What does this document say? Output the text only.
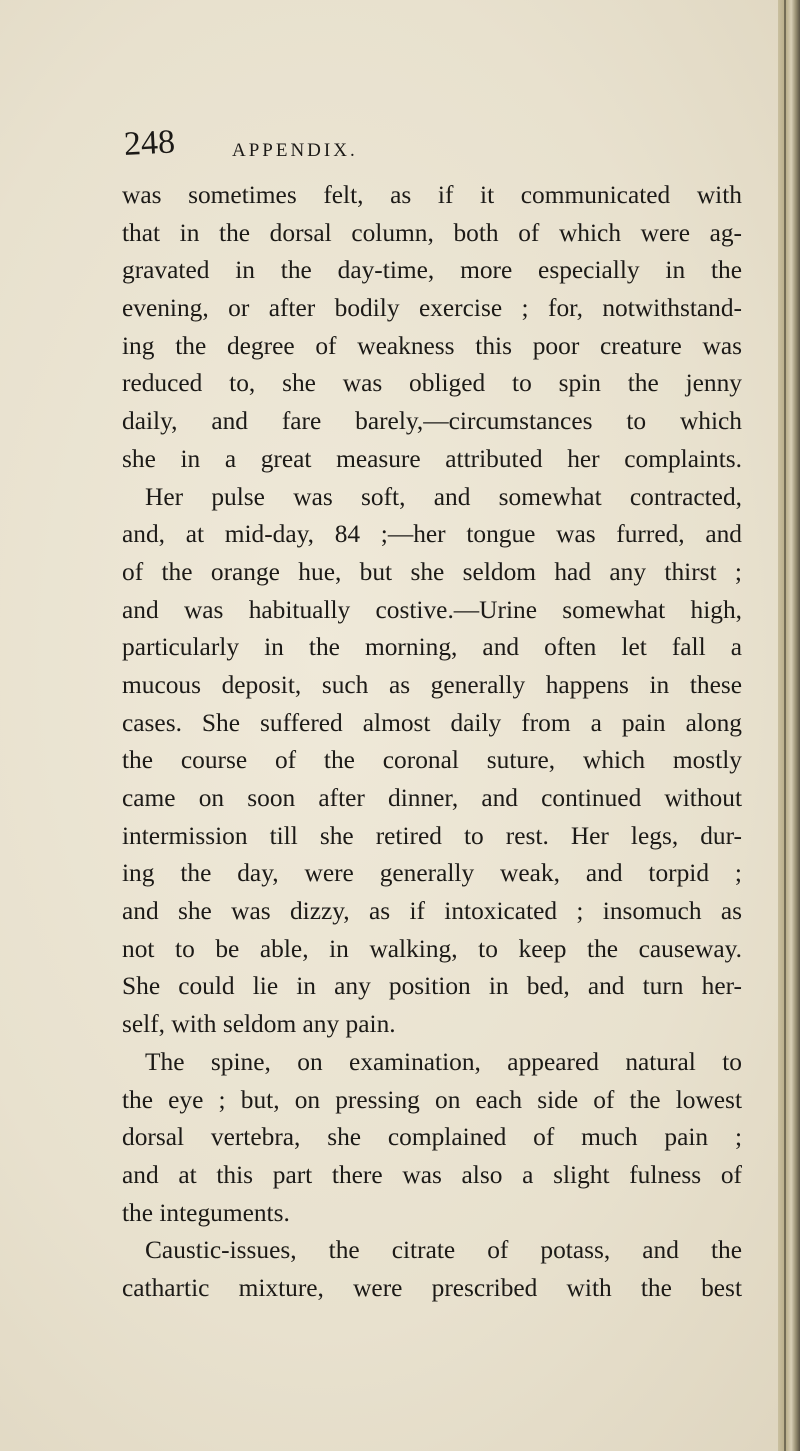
248	APPENDIX.
was sometimes felt, as if it communicated with
that in the dorsal column, both of which were ag-
gravated in the day-time, more especially in the
evening, or after bodily exercise ; for, notwithstand-
ing the degree of weakness this poor creature was
reduced to, she was obliged to spin the jenny
daily, and fare barely,—circumstances to which
she in a great measure attributed her complaints.
Her pulse was soft, and somewhat contracted,
and, at mid-day, 84 ;—her tongue was furred, and
of the orange hue, but she seldom had any thirst ;
and was habitually costive.—Urine somewhat high,
particularly in the morning, and often let fall a
mucous deposit, such as generally happens in these
cases. She suffered almost daily from a pain along
the course of the coronal suture, which mostly
came on soon after dinner, and continued without
intermission till she retired to rest. Her legs, dur-
ing the day, were generally weak, and torpid ;
and she was dizzy, as if intoxicated ; insomuch as
not to be able, in walking, to keep the causeway.
She could lie in any position in bed, and turn her-
self, with seldom any pain.
The spine, on examination, appeared natural to
the eye ; but, on pressing on each side of the lowest
dorsal vertebra, she complained of much pain ;
and at this part there was also a slight fulness of
the integuments.
Caustic-issues, the citrate of potass, and the
cathartic mixture, were prescribed with the best
